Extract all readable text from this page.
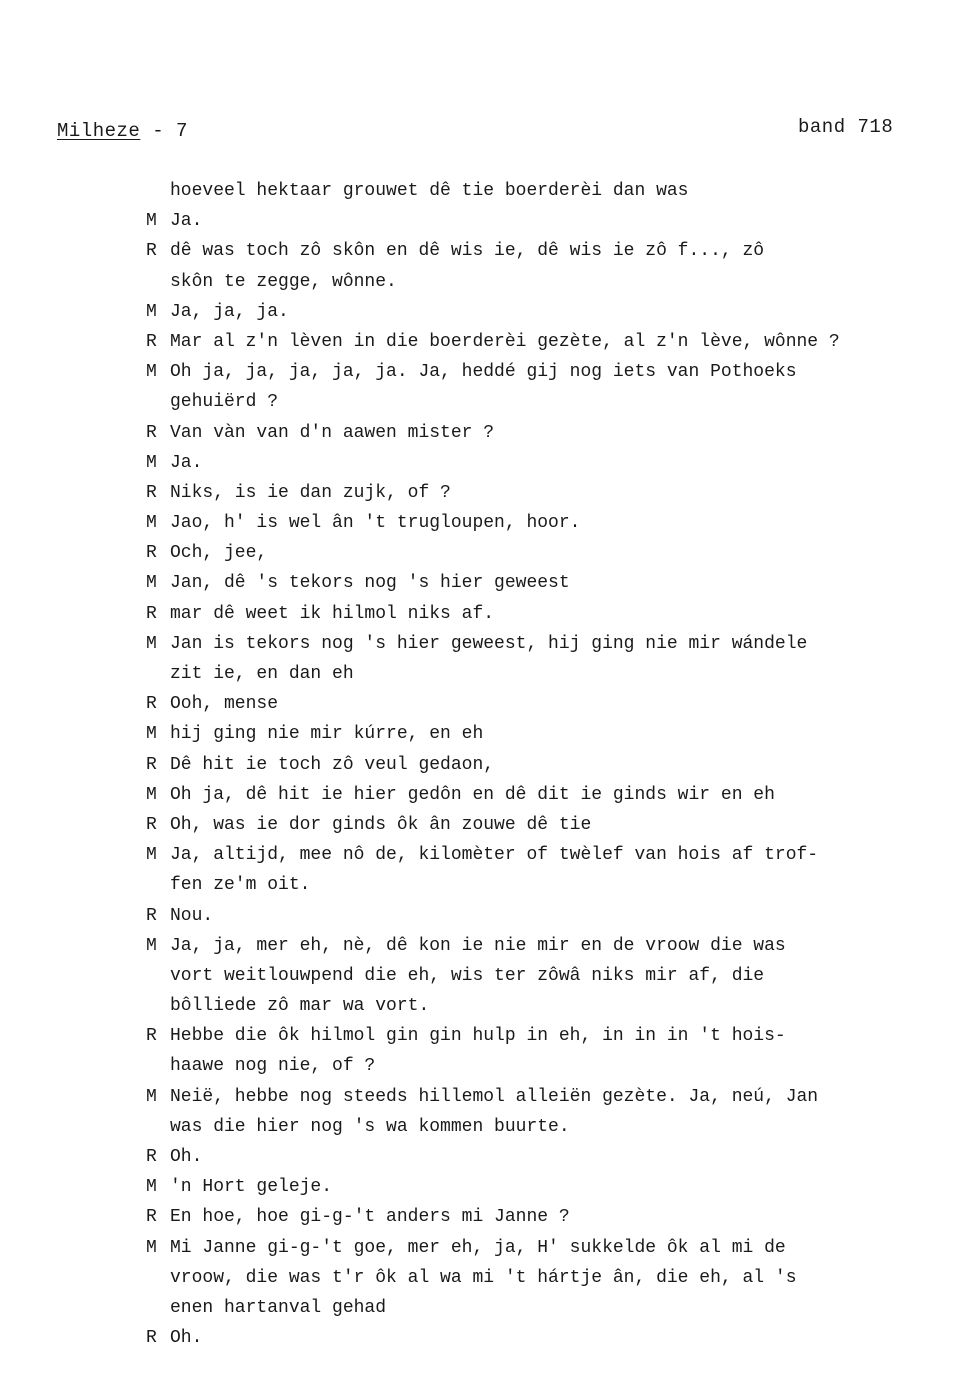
Milheze - 7	band 718
hoeveel hektaar grouwet dê tie boerderèi dan was
M Ja.
R dê was toch zô skôn en dê wis ie, dê wis ie zô f..., zô
skôn te zegge, wônne.
M Ja, ja, ja.
R Mar al z'n lèven in die boerderèi gezète, al z'n lève, wônne ?
M Oh ja, ja, ja, ja, ja. Ja, heddé gij nog iets van Pothoeks
gehuiërd ?
R Van vàn van d'n aawen mister ?
M Ja.
R Niks, is ie dan zujk, of ?
M Jao, h' is wel ân 't trugloupen, hoor.
R Och, jee,
M Jan, dê 's tekors nog 's hier geweest
R mar dê weet ik hilmol niks af.
M Jan is tekors nog 's hier geweest, hij ging nie mir wándele
zit ie, en dan eh
R Ooh, mense
M hij ging nie mir kúrre, en eh
R Dê hit ie toch zô veul gedaon,
M Oh ja, dê hit ie hier gedôn en dê dit ie ginds wir en eh
R Oh, was ie dor ginds ôk ân zouwe dê tie
M Ja, altijd, mee nô de, kilomèter of twèlef van hois af trof-
fen ze'm oit.
R Nou.
M Ja, ja, mer eh, nè, dê kon ie nie mir en de vroow die was
vort weitlouwpend die eh, wis ter zôwâ niks mir af, die
bôlliede zô mar wa vort.
R Hebbe die ôk hilmol gin gin hulp in eh, in in in 't hois-
haawe nog nie, of ?
M Neië, hebbe nog steeds hillemol alleiën gezète. Ja, neú, Jan
was die hier nog 's wa kommen buurte.
R Oh.
M 'n Hort geleje.
R En hoe, hoe gi-g-'t anders mi Janne ?
M Mi Janne gi-g-'t goe, mer eh, ja, H' sukkelde ôk al mi de
vroow, die was t'r ôk al wa mi 't hártje ân, die eh, al 's
enen hartanval gehad
R Oh.
